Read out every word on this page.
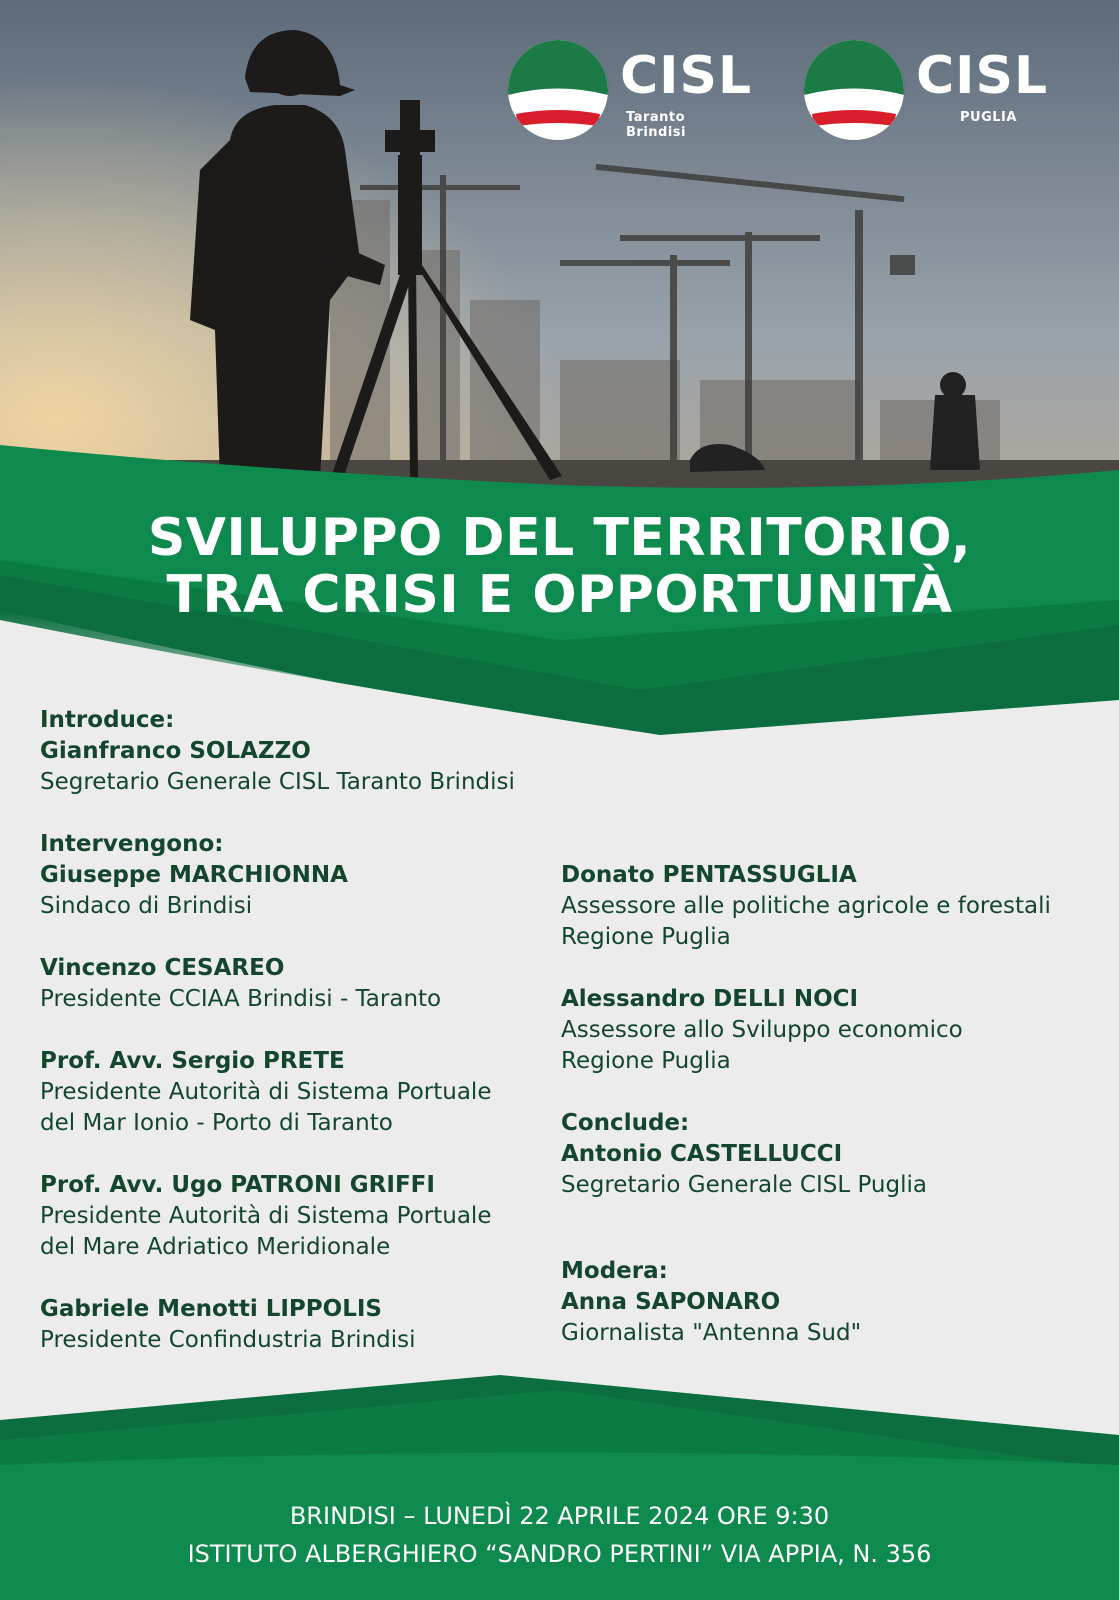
CISL
Taranto Brindisi
CISL
PUGLIA
SVILUPPO DEL TERRITORIO,
TRA CRISI E OPPORTUNITÀ
Introduce:
Gianfranco SOLAZZO
Segretario Generale CISL Taranto Brindisi
Intervengono:
Giuseppe MARCHIONNA
Sindaco di Brindisi
Vincenzo CESAREO
Presidente CCIAA Brindisi - Taranto
Prof. Avv. Sergio PRETE
Presidente Autorità di Sistema Portuale
del Mar Ionio - Porto di Taranto
Prof. Avv. Ugo PATRONI GRIFFI
Presidente Autorità di Sistema Portuale
del Mare Adriatico Meridionale
Gabriele Menotti LIPPOLIS
Presidente Confindustria Brindisi
Donato PENTASSUGLIA
Assessore alle politiche agricole e forestali
Regione Puglia
Alessandro DELLI NOCI
Assessore allo Sviluppo economico
Regione Puglia
Conclude:
Antonio CASTELLUCCI
Segretario Generale CISL Puglia
Modera:
Anna SAPONARO
Giornalista "Antenna Sud"
BRINDISI – LUNEDÌ 22 APRILE 2024 ORE 9:30
ISTITUTO ALBERGHIERO “SANDRO PERTINI” VIA APPIA, N. 356
